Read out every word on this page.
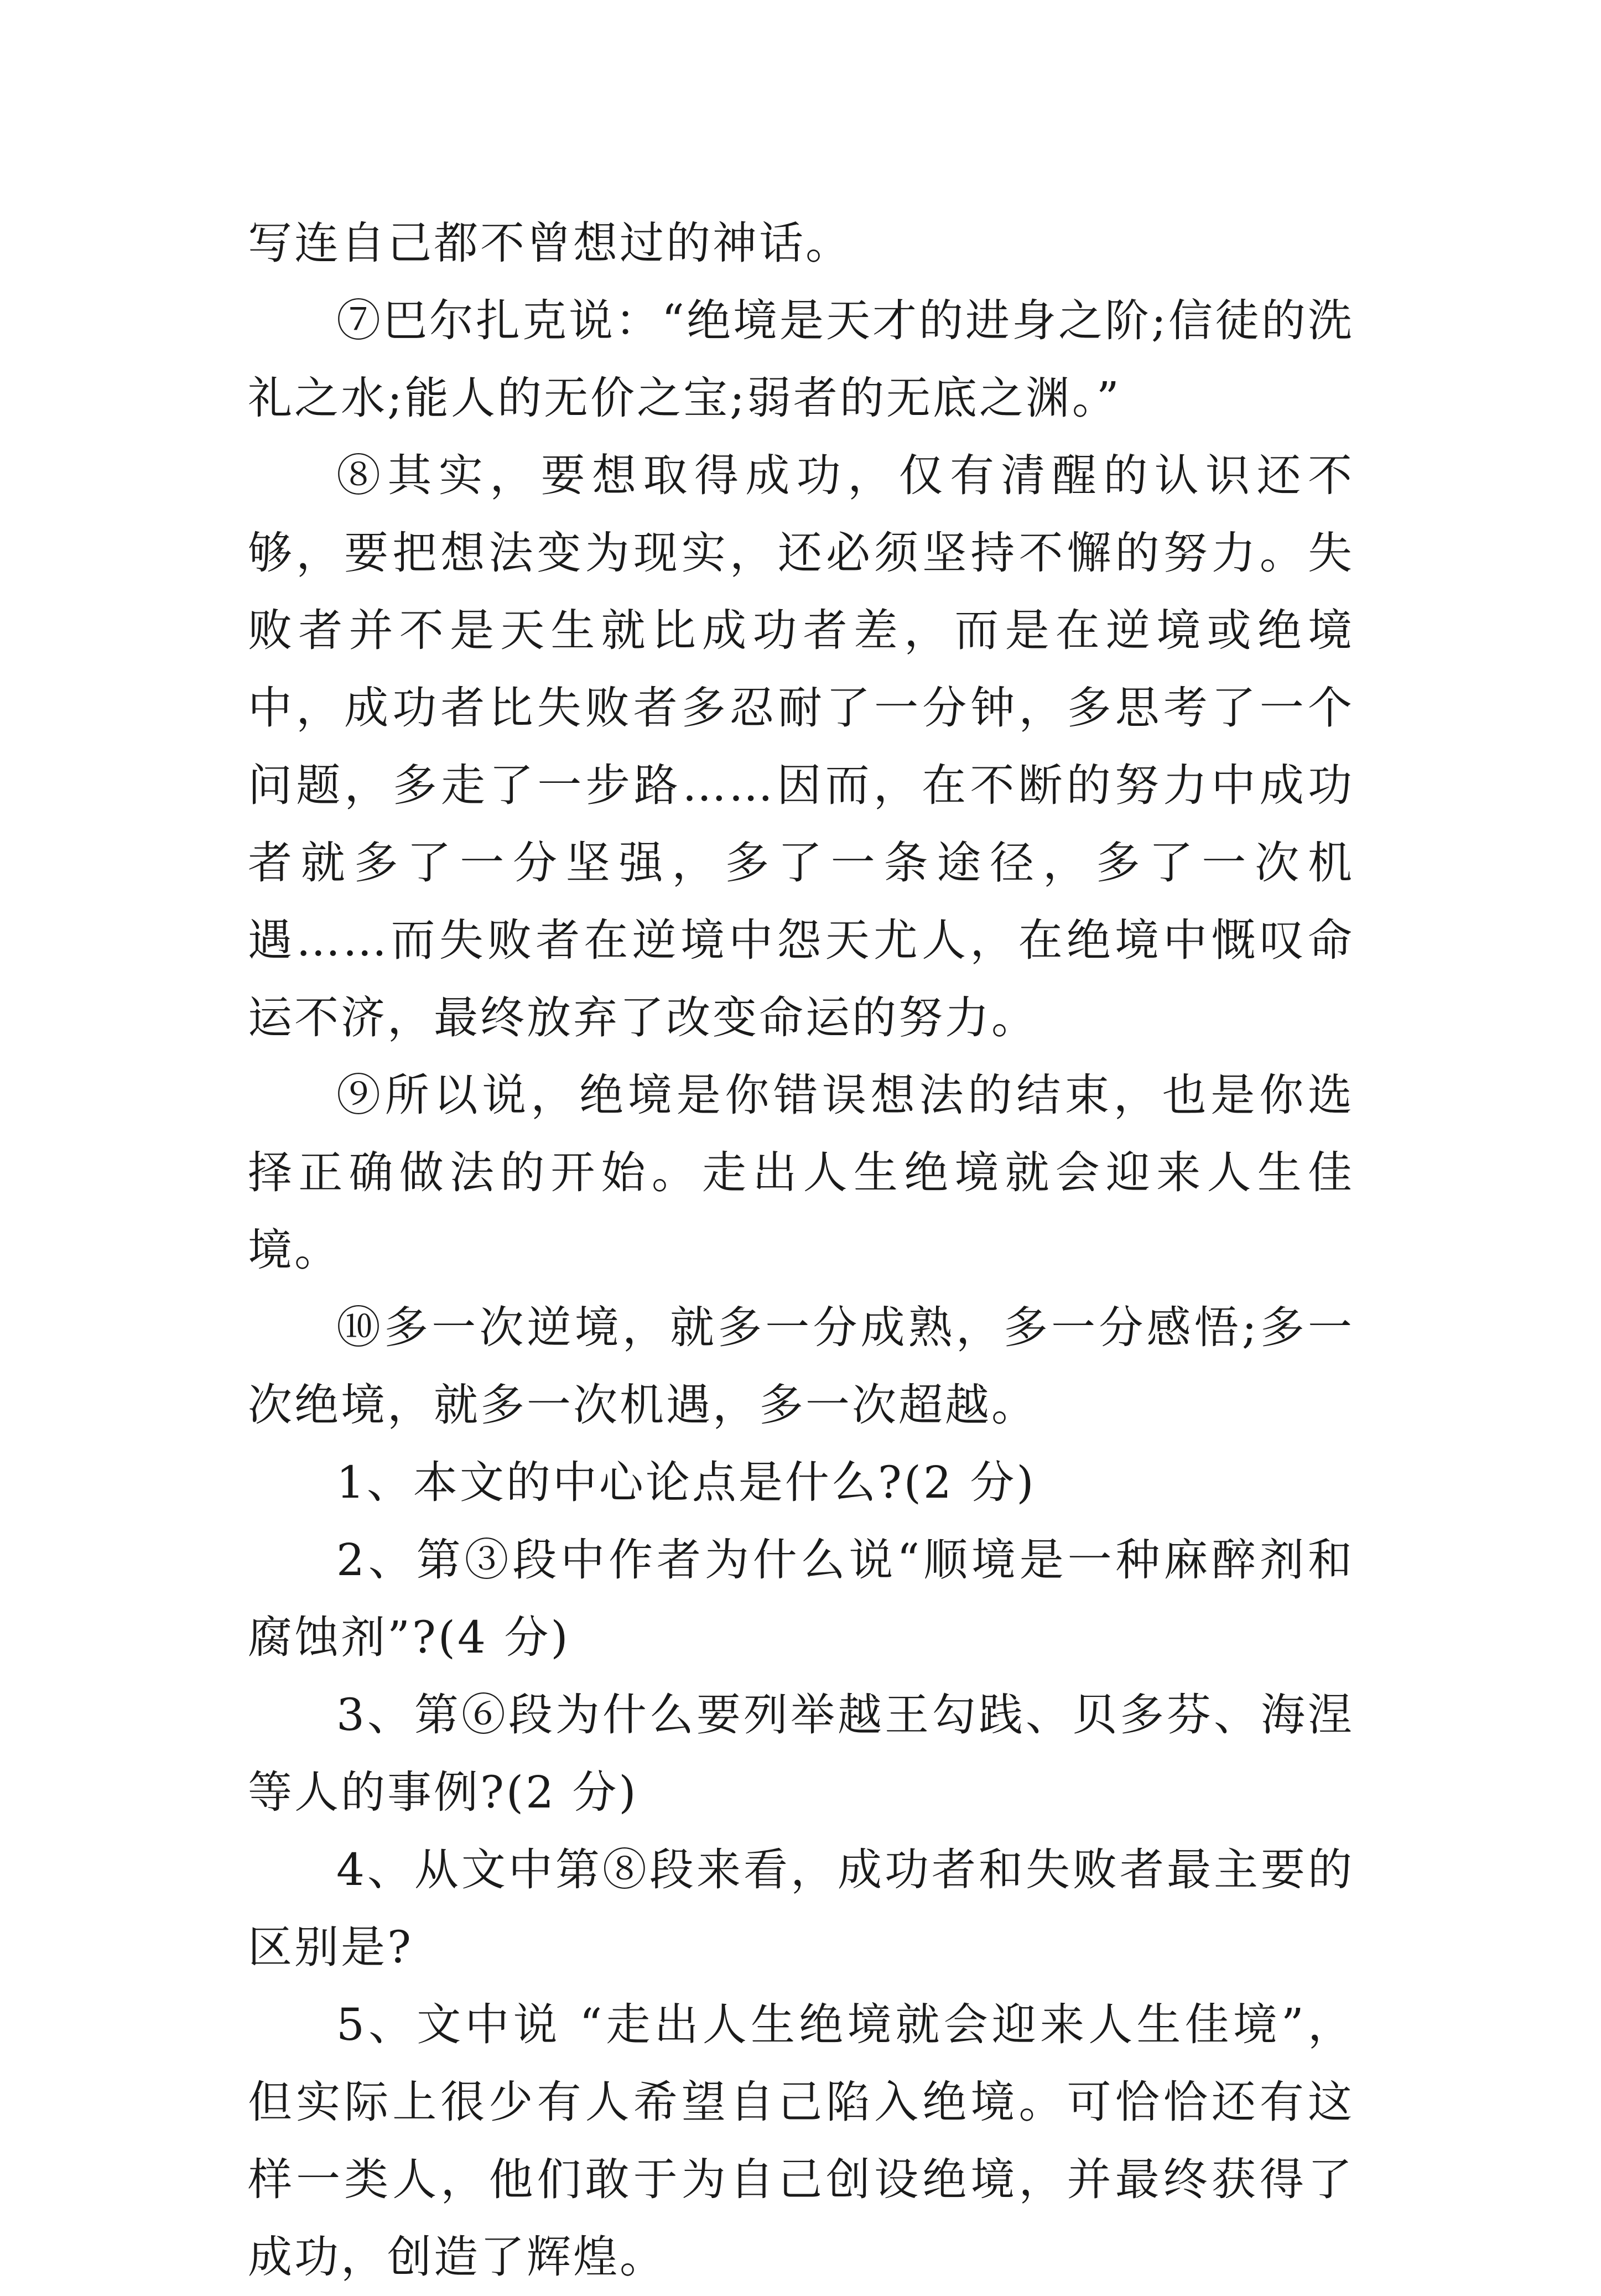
写连自己都不曾想过的神话。

⑦巴尔扎克说：“绝境是天才的进身之阶;信徒的洗礼之水;能人的无价之宝;弱者的无底之渊。”

⑧其实，要想取得成功，仅有清醒的认识还不够，要把想法变为现实，还必须坚持不懈的努力。失败者并不是天生就比成功者差，而是在逆境或绝境中，成功者比失败者多忍耐了一分钟，多思考了一个问题，多走了一步路……因而，在不断的努力中成功者就多了一分坚强，多了一条途径，多了一次机遇……而失败者在逆境中怨天尤人，在绝境中慨叹命运不济，最终放弃了改变命运的努力。

⑨所以说，绝境是你错误想法的结束，也是你选择正确做法的开始。走出人生绝境就会迎来人生佳境。

⑩多一次逆境，就多一分成熟，多一分感悟;多一次绝境，就多一次机遇，多一次超越。

1、本文的中心论点是什么?(2 分)

2、第③段中作者为什么说“顺境是一种麻醉剂和腐蚀剂”?(4 分)

3、第⑥段为什么要列举越王勾践、贝多芬、海涅等人的事例?(2 分)

4、从文中第⑧段来看，成功者和失败者最主要的区别是?

5、文中说 “走出人生绝境就会迎来人生佳境”，但实际上很少有人希望自己陷入绝境。可恰恰还有这样一类人，他们敢于为自己创设绝境，并最终获得了成功，创造了辉煌。
